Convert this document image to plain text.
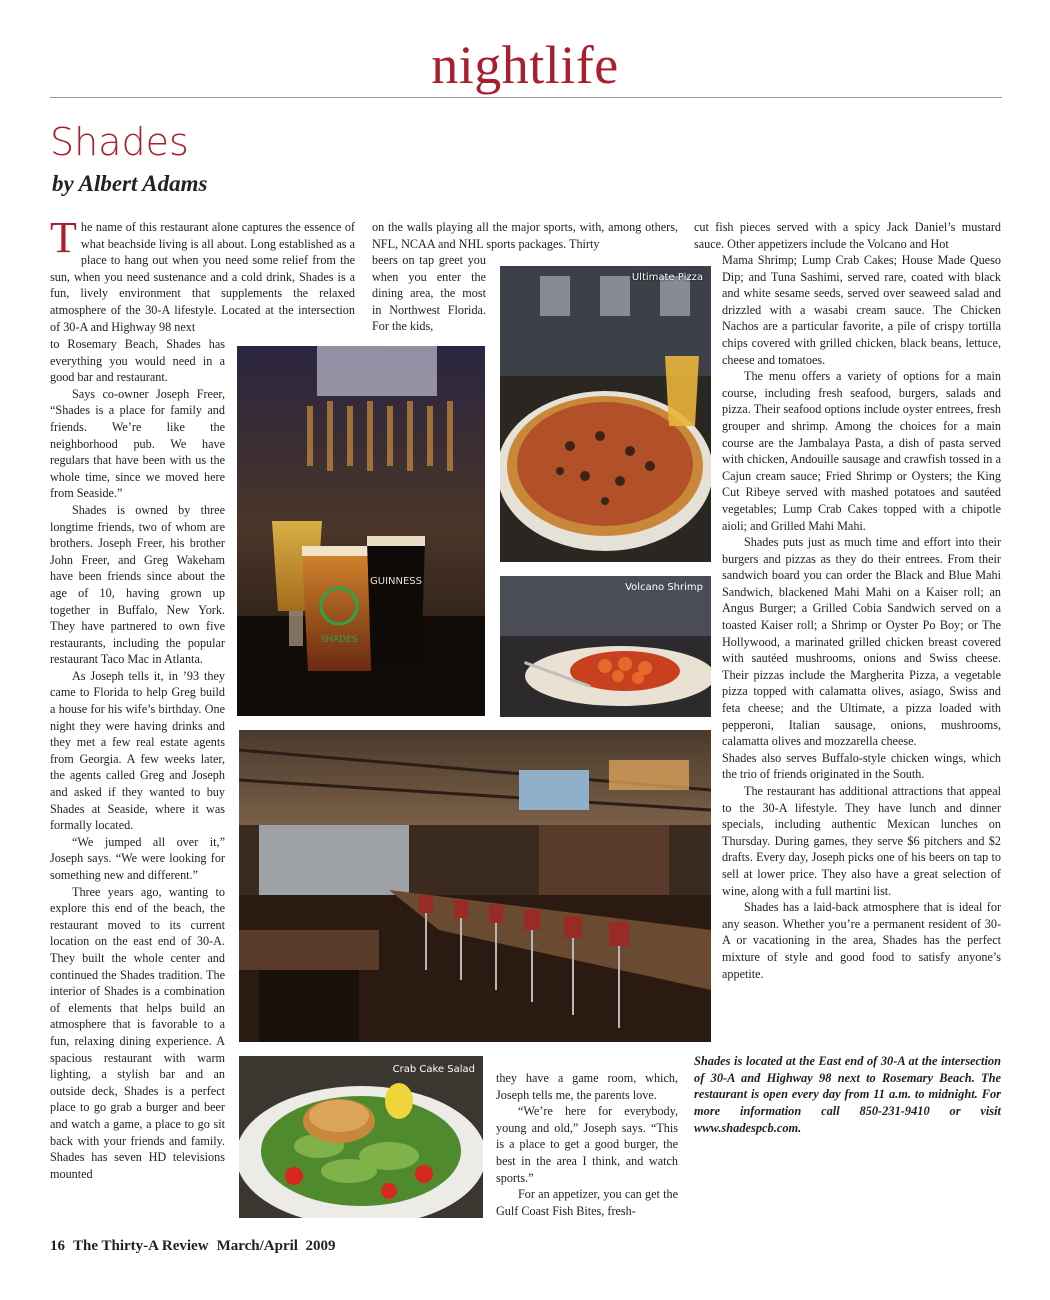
nightlife
Shades
by Albert Adams

The name of this restaurant alone captures the essence of what beachside living is all about. Long established as a place to hang out when you need some relief from the sun, when you need sustenance and a cold drink, Shades is a fun, lively environment that supplements the relaxed atmosphere of the 30-A lifestyle. Located at the intersection of 30-A and Highway 98 next

to Rosemary Beach, Shades has everything you would need in a good bar and restaurant.

Says co-owner Joseph Freer, “Shades is a place for family and friends. We’re like the neighborhood pub. We have regulars that have been with us the whole time, since we moved here from Seaside.”

Shades is owned by three longtime friends, two of whom are brothers. Joseph Freer, his brother John Freer, and Greg Wakeham have been friends since about the age of 10, having grown up together in Buffalo, New York. They have partnered to own five restaurants, including the popular restaurant Taco Mac in Atlanta.

As Joseph tells it, in ’93 they came to Florida to help Greg build a house for his wife’s birthday. One night they were having drinks and they met a few real estate agents from Georgia. A few weeks later, the agents called Greg and Joseph and asked if they wanted to buy Shades at Seaside, where it was formally located.

“We jumped all over it,” Joseph says. “We were looking for something new and different.”

Three years ago, wanting to explore this end of the beach, the restaurant moved to its current location on the east end of 30-A. They built the whole center and continued the Shades tradition. The interior of Shades is a combination of elements that helps build an atmosphere that is favorable to a fun, relaxing dining experience. A spacious restaurant with warm lighting, a stylish bar and an outside deck, Shades is a perfect place to go grab a burger and beer and watch a game, a place to go sit back with your friends and family. Shades has seven HD televisions mounted

on the walls playing all the major sports, with, among others, NFL, NCAA and NHL sports packages. Thirty

beers on tap greet you when you enter the dining area, the most in Northwest Florida. For the kids,

they have a game room, which, Joseph tells me, the parents love.

“We’re here for everybody, young and old,” Joseph says. “This is a place to get a good burger, the best in the area I think, and watch sports.”

For an appetizer, you can get the Gulf Coast Fish Bites, fresh-

cut fish pieces served with a spicy Jack Daniel’s mustard sauce. Other appetizers include the Volcano and Hot

Mama Shrimp; Lump Crab Cakes; House Made Queso Dip; and Tuna Sashimi, served rare, coated with black and white sesame seeds, served over seaweed salad and drizzled with a wasabi cream sauce. The Chicken Nachos are a particular favorite, a pile of crispy tortilla chips covered with grilled chicken, black beans, lettuce, cheese and tomatoes.

The menu offers a variety of options for a main course, including fresh seafood, burgers, salads and pizza. Their seafood options include oyster entrees, fresh grouper and shrimp. Among the choices for a main course are the Jambalaya Pasta, a dish of pasta served with chicken, Andouille sausage and crawfish tossed in a Cajun cream sauce; Fried Shrimp or Oysters; the King Cut Ribeye served with mashed potatoes and sautéed vegetables; Lump Crab Cakes topped with a chipotle aioli; and Grilled Mahi Mahi.

Shades puts just as much time and effort into their burgers and pizzas as they do their entrees. From their sandwich board you can order the Black and Blue Mahi Sandwich, blackened Mahi Mahi on a Kaiser roll; an Angus Burger; a Grilled Cobia Sandwich served on a toasted Kaiser roll; a Shrimp or Oyster Po Boy; or The Hollywood, a marinated grilled chicken breast covered with sautéed mushrooms, onions and Swiss cheese. Their pizzas include the Margherita Pizza, a vegetable pizza topped with calamatta olives, asiago, Swiss and feta cheese; and the Ultimate, a pizza loaded with pepperoni, Italian sausage, onions, mushrooms, calamatta olives and mozzarella cheese.

Shades also serves Buffalo-style chicken wings, which the trio of friends originated in the South.

The restaurant has additional attractions that appeal to the 30-A lifestyle. They have lunch and dinner specials, including authentic Mexican lunches on Thursday. During games, they serve $6 pitchers and $2 drafts. Every day, Joseph picks one of his beers on tap to sell at lower price. They also have a great selection of wine, along with a full martini list.

Shades has a laid-back atmosphere that is ideal for any season. Whether you’re a permanent resident of 30-A or vacationing in the area, Shades has the perfect mixture of style and good food to satisfy anyone’s appetite.

Shades is located at the East end of 30-A at the intersection of 30-A and Highway 98 next to Rosemary Beach. The restaurant is open every day from 11 a.m. to midnight. For more information call 850-231-9410 or visit www.shadespcb.com.
SHADES
GUINNESS
Ultimate Pizza
Volcano Shrimp
Crab Cake Salad
16 The Thirty-A Review March/April  2009
